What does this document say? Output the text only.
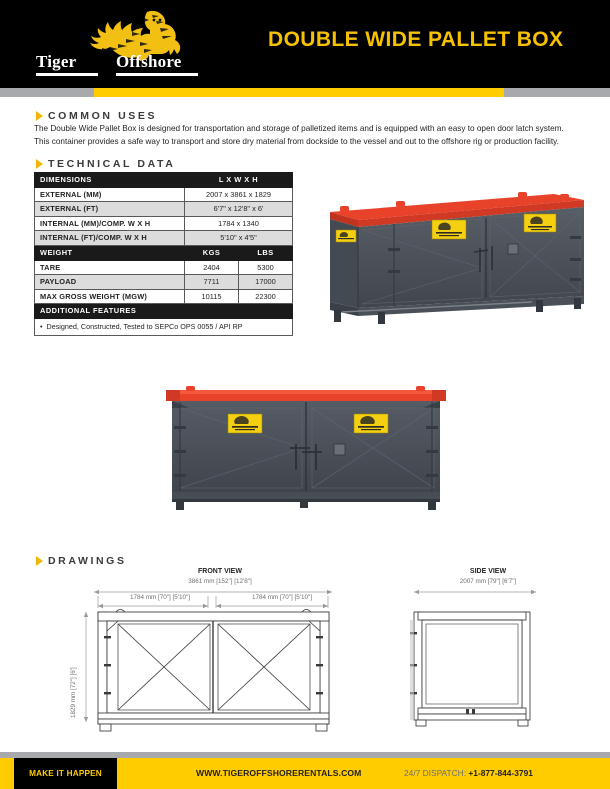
Tiger Offshore
DOUBLE WIDE PALLET BOX
COMMON USES
The Double Wide Pallet Box is designed for transportation and storage of palletized items and is equipped with an easy to open door latch system. This container provides a safe way to transport and store dry material from dockside to the vessel and out to the offshore rig or production facility.
TECHNICAL DATA
DIMENSIONS	L X W X H	
EXTERNAL (MM)	2007 x 3861 x 1829	
EXTERNAL (FT)	6'7" x 12'8" x 6'	
INTERNAL (MM)/COMP. W X H	1784 x 1340	
INTERNAL (FT)/COMP. W X H	5'10" x 4'5"	
WEIGHT	KGS	LBS
TARE	2404	5300
PAYLOAD	7711	17000
MAX GROSS WEIGHT (MGW)	10115	22300
ADDITIONAL FEATURES		
•  Designed, Constructed, Tested to SEPCo OPS 0055 / API RP		
DRAWINGS
FRONT VIEW
3861 mm [152"] [12'8"]
1784 mm [70"] [5'10"]	1784 mm [70"] [5'10"]
1829 mm [72"] [6']
SIDE VIEW
2007 mm [79"] [6'7"]
MAKE IT HAPPEN	WWW.TIGEROFFSHORERENTALS.COM	24/7 DISPATCH: +1-877-844-3791
